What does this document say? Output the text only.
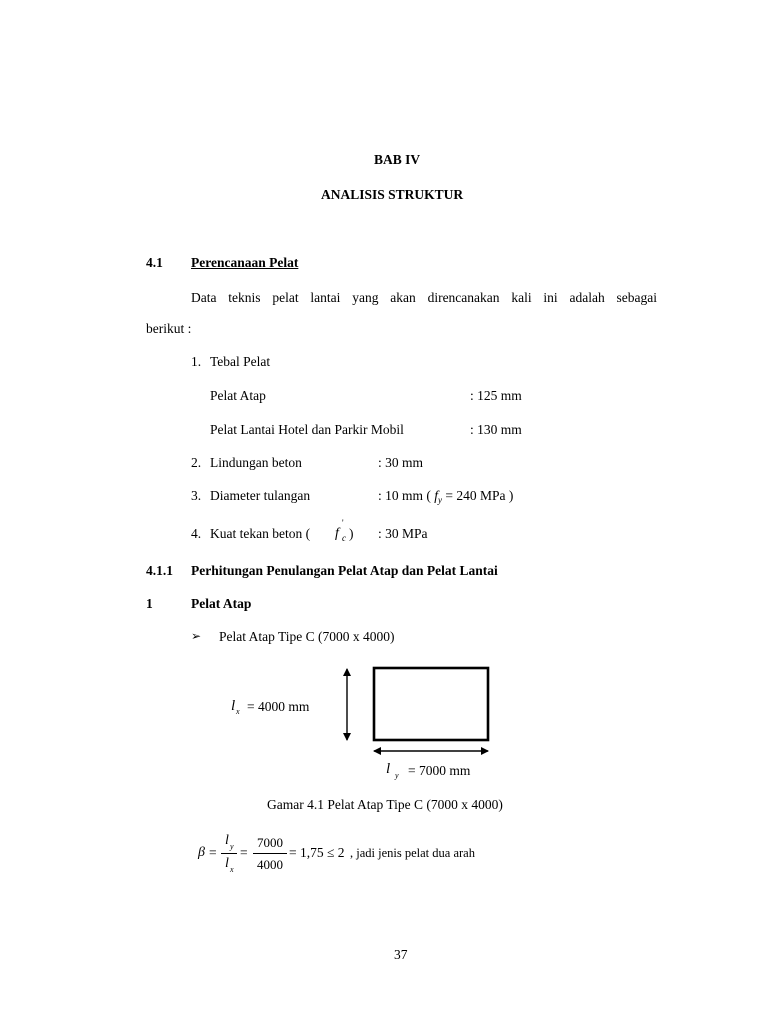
BAB IV
ANALISIS STRUKTUR
4.1 Perencanaan Pelat
Data teknis pelat lantai yang akan direncanakan kali ini adalah sebagai
berikut :
1. Tebal Pelat
Pelat Atap	: 125 mm
Pelat Lantai Hotel dan Parkir Mobil	: 130 mm
2. Lindungan beton	: 30 mm
3. Diameter tulangan	: 10 mm ( $f_y = 240$ MPa )
4. Kuat tekan beton ( f
'
c ) : 30 MPa
4.1.1 Perhitungan Penulangan Pelat Atap dan Pelat Lantai
1	Pelat Atap
➢ Pelat Atap Tipe C (7000 x 4000)
l x = 4000 mm
l y = 7000 mm
Gamar 4.1 Pelat Atap Tipe C (7000 x 4000)
β =
l y
l x
=
7000
4000
= 1,75 ≤ 2 , jadi jenis pelat dua arah
37
